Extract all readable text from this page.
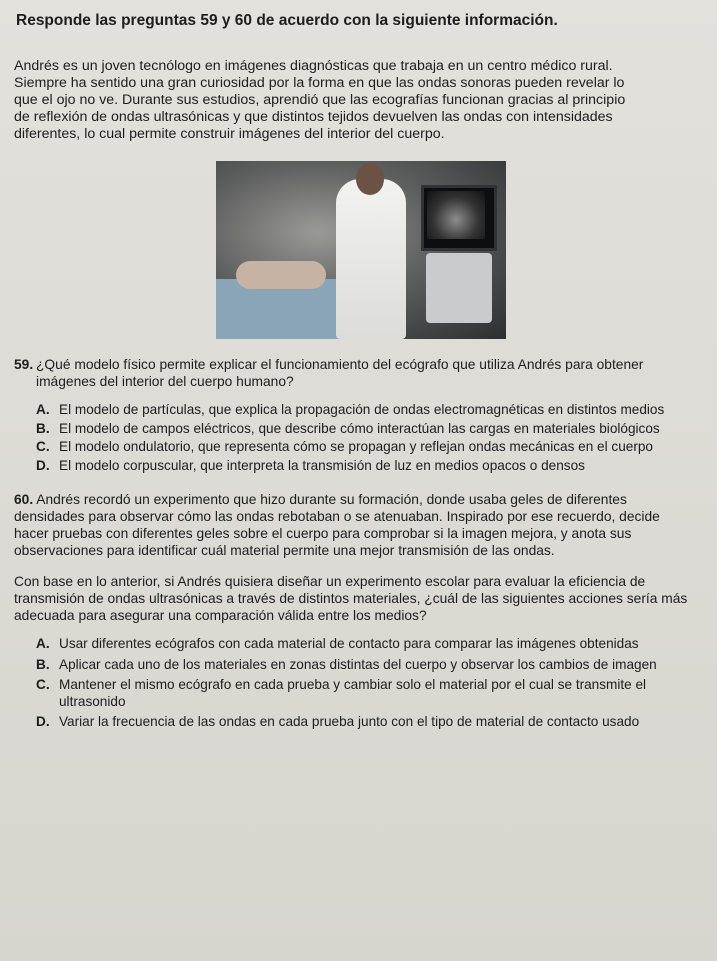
Responde las preguntas 59 y 60 de acuerdo con la siguiente información.

Andrés es un joven tecnólogo en imágenes diagnósticas que trabaja en un centro médico rural.

Siempre ha sentido una gran curiosidad por la forma en que las ondas sonoras pueden revelar lo

que el ojo no ve. Durante sus estudios, aprendió que las ecografías funcionan gracias al principio

de reflexión de ondas ultrasónicas y que distintos tejidos devuelven las ondas con intensidades

diferentes, lo cual permite construir imágenes del interior del cuerpo.

59. ¿Qué modelo físico permite explicar el funcionamiento del ecógrafo que utiliza Andrés para obtener imágenes del interior del cuerpo humano?
A. El modelo de partículas, que explica la propagación de ondas electromagnéticas en distintos medios
B. El modelo de campos eléctricos, que describe cómo interactúan las cargas en materiales biológicos
C. El modelo ondulatorio, que representa cómo se propagan y reflejan ondas mecánicas en el cuerpo
D. El modelo corpuscular, que interpreta la transmisión de luz en medios opacos o densos

60. Andrés recordó un experimento que hizo durante su formación, donde usaba geles de diferentes densidades para observar cómo las ondas rebotaban o se atenuaban. Inspirado por ese recuerdo, decide hacer pruebas con diferentes geles sobre el cuerpo para comprobar si la imagen mejora, y anota sus observaciones para identificar cuál material permite una mejor transmisión de las ondas.

Con base en lo anterior, si Andrés quisiera diseñar un experimento escolar para evaluar la eficiencia de transmisión de ondas ultrasónicas a través de distintos materiales, ¿cuál de las siguientes acciones sería más adecuada para asegurar una comparación válida entre los medios?

A. Usar diferentes ecógrafos con cada material de contacto para comparar las imágenes obtenidas
B. Aplicar cada uno de los materiales en zonas distintas del cuerpo y observar los cambios de imagen
C. Mantener el mismo ecógrafo en cada prueba y cambiar solo el material por el cual se transmite el ultrasonido
D. Variar la frecuencia de las ondas en cada prueba junto con el tipo de material de contacto usado
